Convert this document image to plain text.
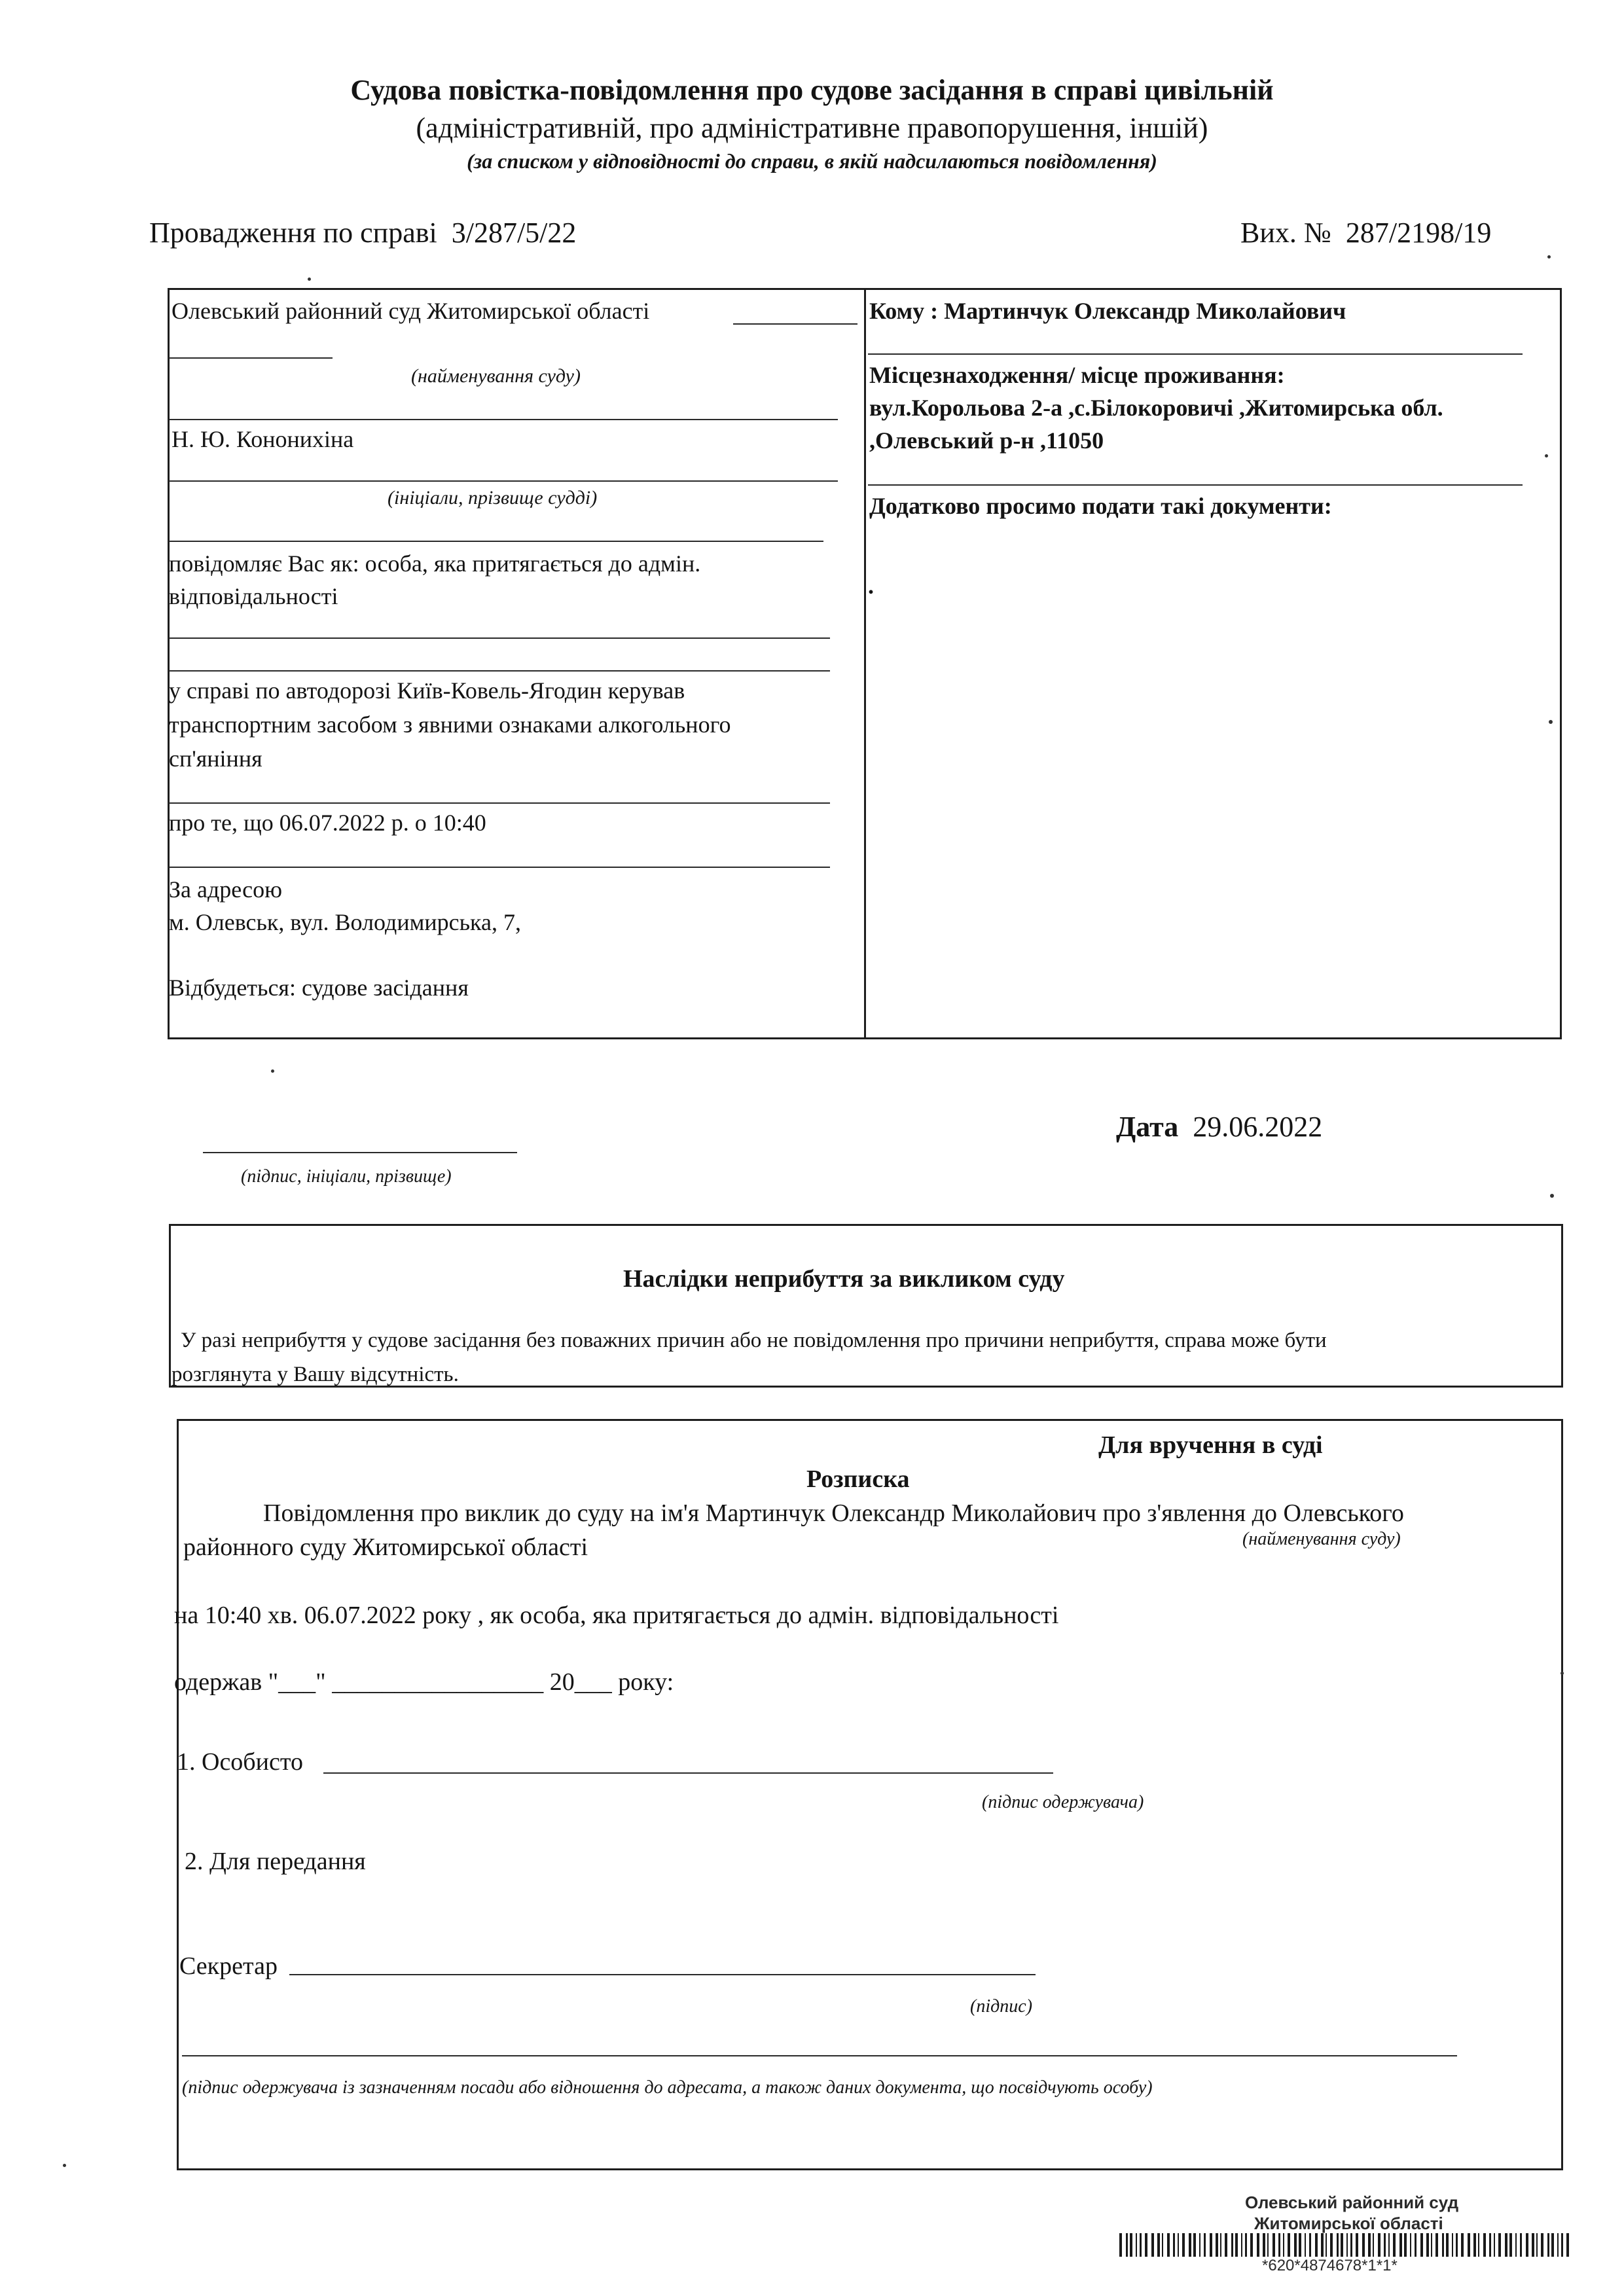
Судова повістка-повідомлення про судове засідання в справі цивільній
(адміністративній, про адміністративне правопорушення, іншій)
(за списком у відповідності до справи, в якій надсилаються повідомлення)
Провадження по справі 3/287/5/22	Вих. № 287/2198/19
Олевський районний суд Житомирської області
(найменування суду)
Н. Ю. Кононихіна
(ініціали, прізвище судді)
повідомляє Вас як: особа, яка притягається до адмін.
відповідальності
у справі по автодорозі Київ-Ковель-Ягодин керував
транспортним засобом з явними ознаками алкогольного
сп'яніння
про те, що 06.07.2022 р. о 10:40
За адресою
м. Олевськ, вул. Володимирська, 7,
Відбудеться: судове засідання
Кому : Мартинчук Олександр Миколайович
Місцезнаходження/ місце проживання:
вул.Корольова 2-а ,с.Білокоровичі ,Житомирська обл.
,Олевський р-н ,11050
Додатково просимо подати такі документи:
.
(підпис, ініціали, прізвище)
Дата 29.06.2022
Наслідки неприбуття за викликом суду
У разі неприбуття у судове засідання без поважних причин або не повідомлення про причини неприбуття, справа може бути
розглянута у Вашу відсутність.
Для вручення в суді
Розписка
Повідомлення про виклик до суду на ім'я Мартинчук Олександр Миколайович про з'явлення до Олевського
районного суду Житомирської області	(найменування суду)
на 10:40 хв. 06.07.2022 року , як особа, яка притягається до адмін. відповідальності
одержав "___" _________________ 20___ року:
1. Особисто
(підпис одержувача)
2. Для передання
Секретар
(підпис)
(підпис одержувача із зазначенням посади або відношення до адресата, а також даних документа, що посвідчують особу)
Олевський районний суд
Житомирської області
*620*4874678*1*1*
